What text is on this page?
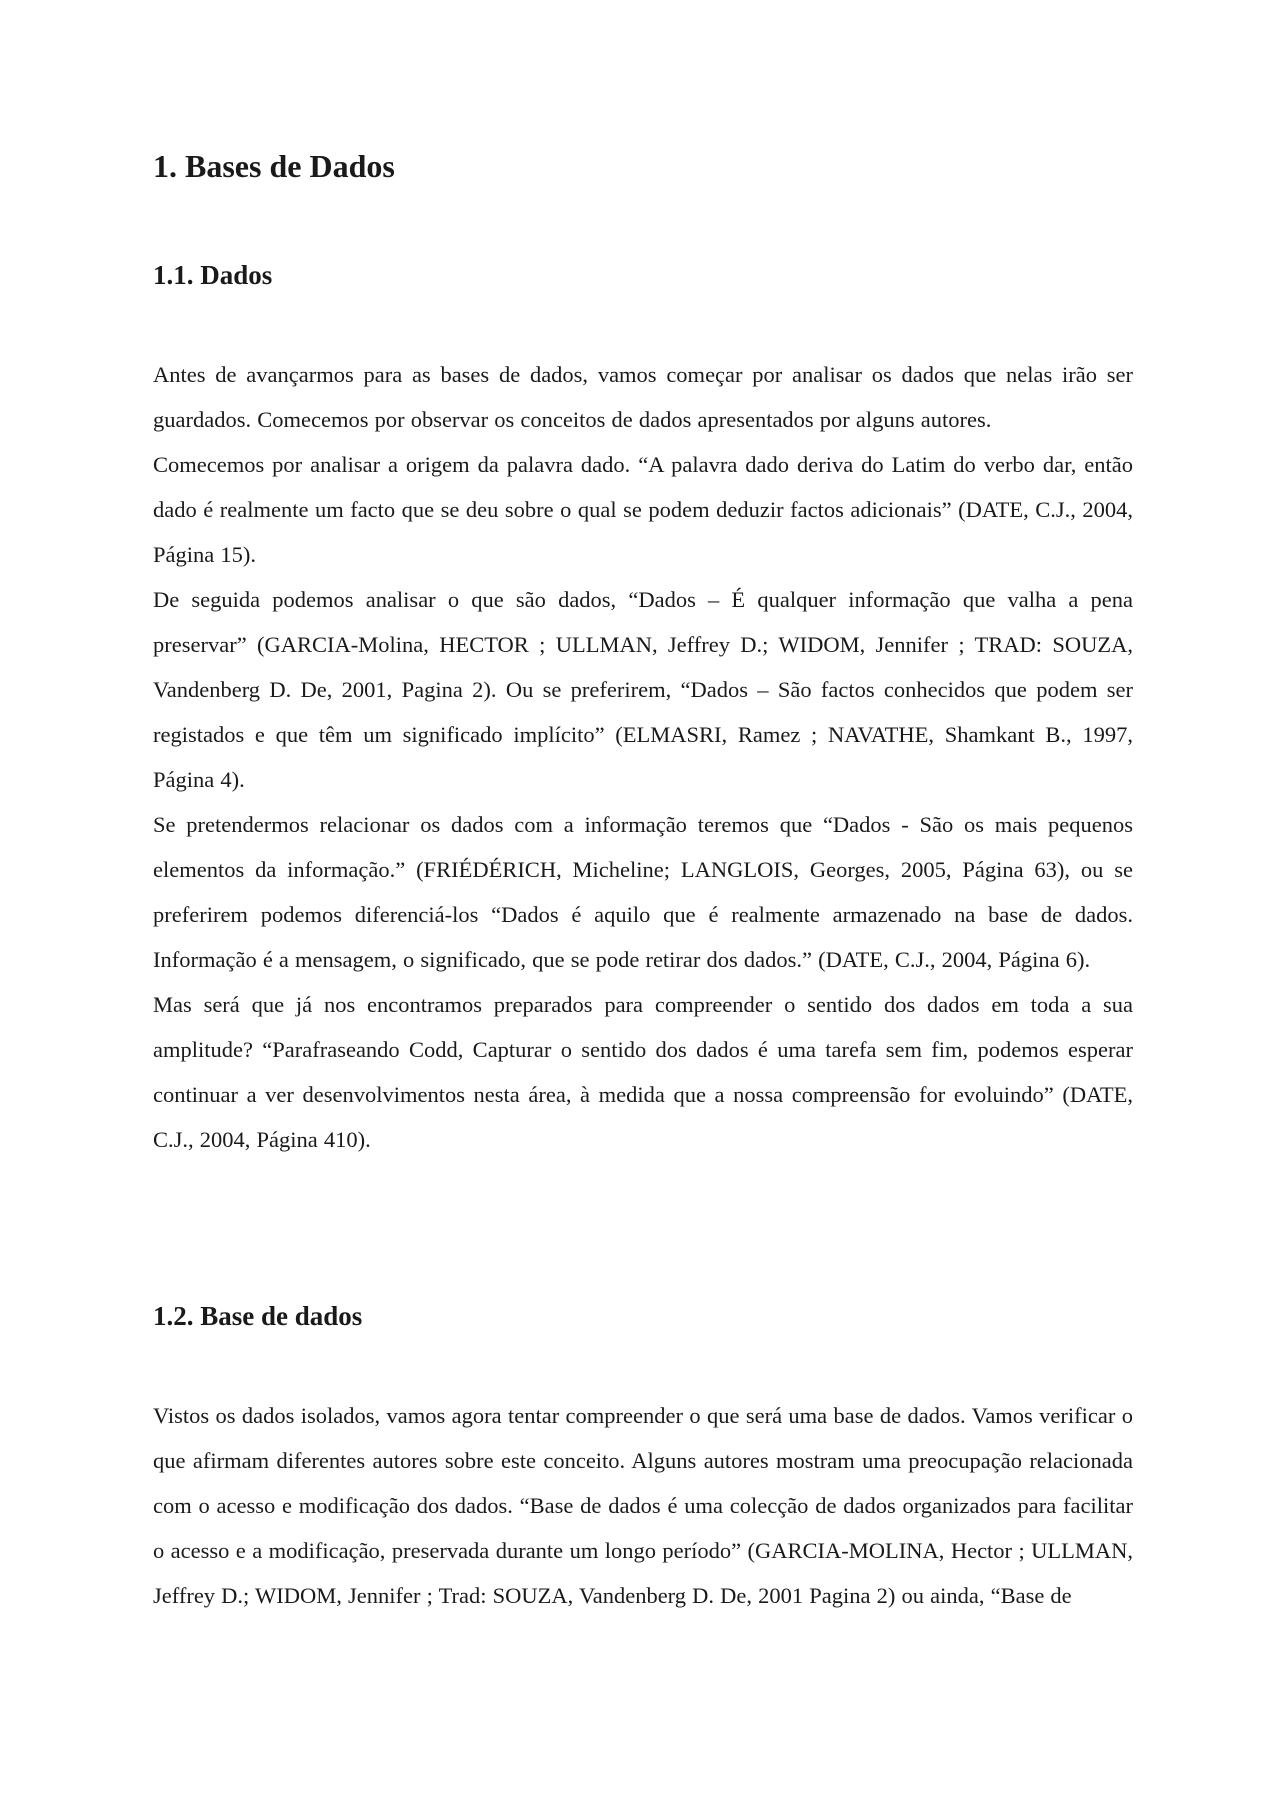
1. Bases de Dados
1.1. Dados

Antes de avançarmos para as bases de dados, vamos começar por analisar os dados que nelas irão ser guardados. Comecemos por observar os conceitos de dados apresentados por alguns autores.

Comecemos por analisar a origem da palavra dado. “A palavra dado deriva do Latim do verbo dar, então dado é realmente um facto que se deu sobre o qual se podem deduzir factos adicionais” (DATE, C.J., 2004, Página 15).

De seguida podemos analisar o que são dados, “Dados – É qualquer informação que valha a pena preservar” (GARCIA-Molina, HECTOR ; ULLMAN, Jeffrey D.; WIDOM, Jennifer ; TRAD: SOUZA, Vandenberg D. De, 2001, Pagina 2). Ou se preferirem, “Dados – São factos conhecidos que podem ser registados e que têm um significado implícito” (ELMASRI, Ramez ; NAVATHE, Shamkant B., 1997, Página 4).

Se pretendermos relacionar os dados com a informação teremos que “Dados - São os mais pequenos elementos da informação.” (FRIÉDÉRICH, Micheline; LANGLOIS, Georges, 2005, Página 63), ou se preferirem podemos diferenciá-los “Dados é aquilo que é realmente armazenado na base de dados. Informação é a mensagem, o significado, que se pode retirar dos dados.” (DATE, C.J., 2004, Página 6).

Mas será que já nos encontramos preparados para compreender o sentido dos dados em toda a sua amplitude? “Parafraseando Codd, Capturar o sentido dos dados é uma tarefa sem fim, podemos esperar continuar a ver desenvolvimentos nesta área, à medida que a nossa compreensão for evoluindo” (DATE, C.J., 2004, Página 410).

1.2. Base de dados

Vistos os dados isolados, vamos agora tentar compreender o que será uma base de dados. Vamos verificar o que afirmam diferentes autores sobre este conceito. Alguns autores mostram uma preocupação relacionada com o acesso e modificação dos dados. “Base de dados é uma colecção de dados organizados para facilitar o acesso e a modificação, preservada durante um longo período” (GARCIA-MOLINA, Hector ; ULLMAN, Jeffrey D.; WIDOM, Jennifer ; Trad: SOUZA, Vandenberg D. De, 2001 Pagina 2) ou ainda, “Base de
